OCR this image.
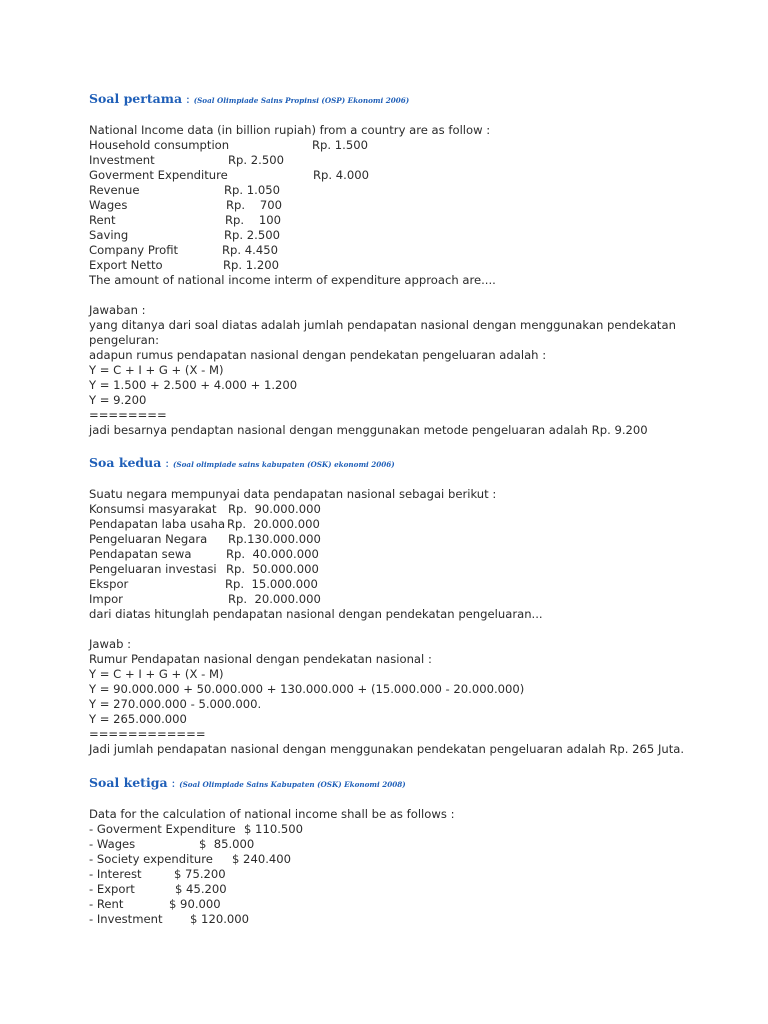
Soal pertama : (Soal Olimpiade Sains Propinsi (OSP) Ekonomi 2006)
National Income data (in billion rupiah) from a country are as follow :
Household consumption	Rp. 1.500
Investment	Rp. 2.500
Goverment Expenditure	Rp. 4.000
Revenue	Rp. 1.050
Wages	Rp.    700
Rent	Rp.    100
Saving	Rp. 2.500
Company Profit	Rp. 4.450
Export Netto	Rp. 1.200
The amount of national income interm of expenditure approach are....
Jawaban :
yang ditanya dari soal diatas adalah jumlah pendapatan nasional dengan menggunakan pendekatan
pengeluran:
adapun rumus pendapatan nasional dengan pendekatan pengeluaran adalah :
Y = C + I + G + (X - M)
Y = 1.500 + 2.500 + 4.000 + 1.200
Y = 9.200
========
jadi besarnya pendaptan nasional dengan menggunakan metode pengeluaran adalah Rp. 9.200
Soa kedua : (Soal olimpiade sains kabupaten (OSK) ekonomi 2006)
Suatu negara mempunyai data pendapatan nasional sebagai berikut :
Konsumsi masyarakat Rp.  90.000.000
Pendapatan laba usaha Rp.  20.000.000
Pengeluaran Negara	Rp.130.000.000
Pendapatan sewa	Rp.  40.000.000
Pengeluaran investasi Rp.  50.000.000
Ekspor	Rp.  15.000.000
Impor	Rp.  20.000.000
dari diatas hitunglah pendapatan nasional dengan pendekatan pengeluaran...
Jawab :
Rumur Pendapatan nasional dengan pendekatan nasional :
Y = C + I + G + (X - M)
Y = 90.000.000 + 50.000.000 + 130.000.000 + (15.000.000 - 20.000.000)
Y = 270.000.000 - 5.000.000.
Y = 265.000.000
============
Jadi jumlah pendapatan nasional dengan menggunakan pendekatan pengeluaran adalah Rp. 265 Juta.
Soal ketiga : (Soal Olimpiade Sains Kabupaten (OSK) Ekonomi 2008)
Data for the calculation of national income shall be as follows :
- Goverment Expenditure $ 110.500
- Wages	$  85.000
- Society expenditure	$ 240.400
- Interest	$ 75.200
- Export	$ 45.200
- Rent	$ 90.000
- Investment	$ 120.000
